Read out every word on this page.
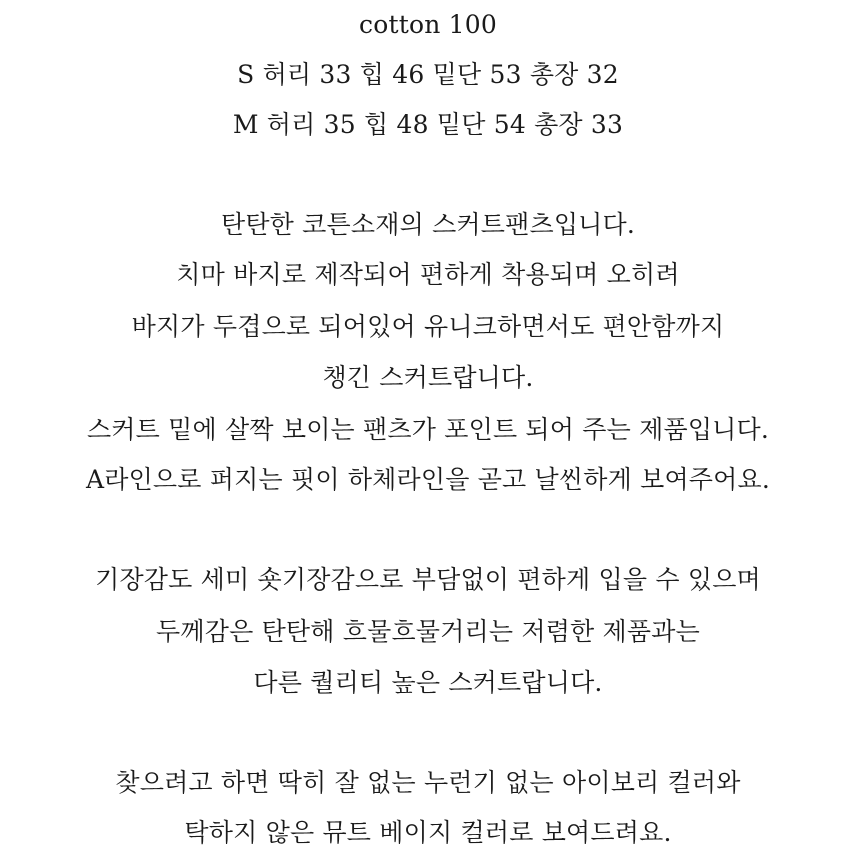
cotton 100
S 허리 33 힙 46 밑단 53 총장 32
M 허리 35 힙 48 밑단 54 총장 33
탄탄한 코튼소재의 스커트팬츠입니다.
치마 바지로 제작되어 편하게 착용되며 오히려
바지가 두겹으로 되어있어 유니크하면서도 편안함까지
챙긴 스커트랍니다.
스커트 밑에 살짝 보이는 팬츠가 포인트 되어 주는 제품입니다.
A라인으로 퍼지는 핏이 하체라인을 곧고 날씬하게 보여주어요.
기장감도 세미 숏기장감으로 부담없이 편하게 입을 수 있으며
두께감은 탄탄해 흐물흐물거리는 저렴한 제품과는
다른 퀄리티 높은 스커트랍니다.
찾으려고 하면 딱히 잘 없는 누런기 없는 아이보리 컬러와
탁하지 않은 뮤트 베이지 컬러로 보여드려요.
